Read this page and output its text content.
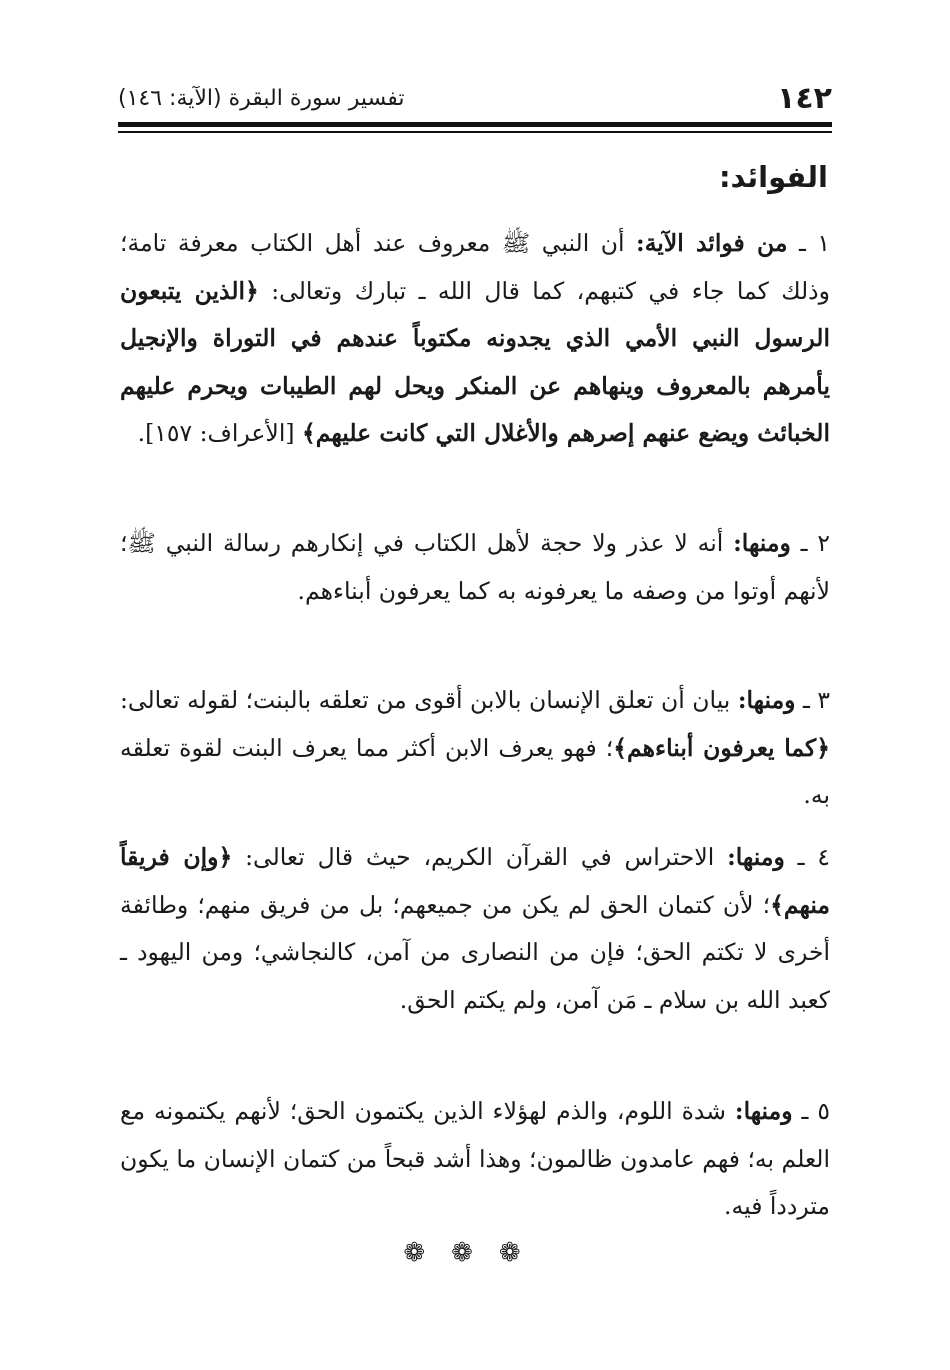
١٤٢
تفسير سورة البقرة (الآية: ١٤٦)
الفوائد:

١ ـ من فوائد الآية: أن النبي ﷺ معروف عند أهل الكتاب معرفة تامة؛ وذلك كما جاء في كتبهم، كما قال الله ـ تبارك وتعالى: ﴿الذين يتبعون الرسول النبي الأمي الذي يجدونه مكتوباً عندهم في التوراة والإنجيل يأمرهم بالمعروف وينهاهم عن المنكر ويحل لهم الطيبات ويحرم عليهم الخبائث ويضع عنهم إصرهم والأغلال التي كانت عليهم﴾ [الأعراف: ١٥٧].

٢ ـ ومنها: أنه لا عذر ولا حجة لأهل الكتاب في إنكارهم رسالة النبي ﷺ؛ لأنهم أوتوا من وصفه ما يعرفونه به كما يعرفون أبناءهم.

٣ ـ ومنها: بيان أن تعلق الإنسان بالابن أقوى من تعلقه بالبنت؛ لقوله تعالى: ﴿كما يعرفون أبناءهم﴾؛ فهو يعرف الابن أكثر مما يعرف البنت لقوة تعلقه به.

٤ ـ ومنها: الاحتراس في القرآن الكريم، حيث قال تعالى: ﴿وإن فريقاً منهم﴾؛ لأن كتمان الحق لم يكن من جميعهم؛ بل من فريق منهم؛ وطائفة أخرى لا تكتم الحق؛ فإن من النصارى من آمن، كالنجاشي؛ ومن اليهود ـ كعبد الله بن سلام ـ مَن آمن، ولم يكتم الحق.

٥ ـ ومنها: شدة اللوم، والذم لهؤلاء الذين يكتمون الحق؛ لأنهم يكتمونه مع العلم به؛ فهم عامدون ظالمون؛ وهذا أشد قبحاً من كتمان الإنسان ما يكون متردداً فيه.

❁❁❁
